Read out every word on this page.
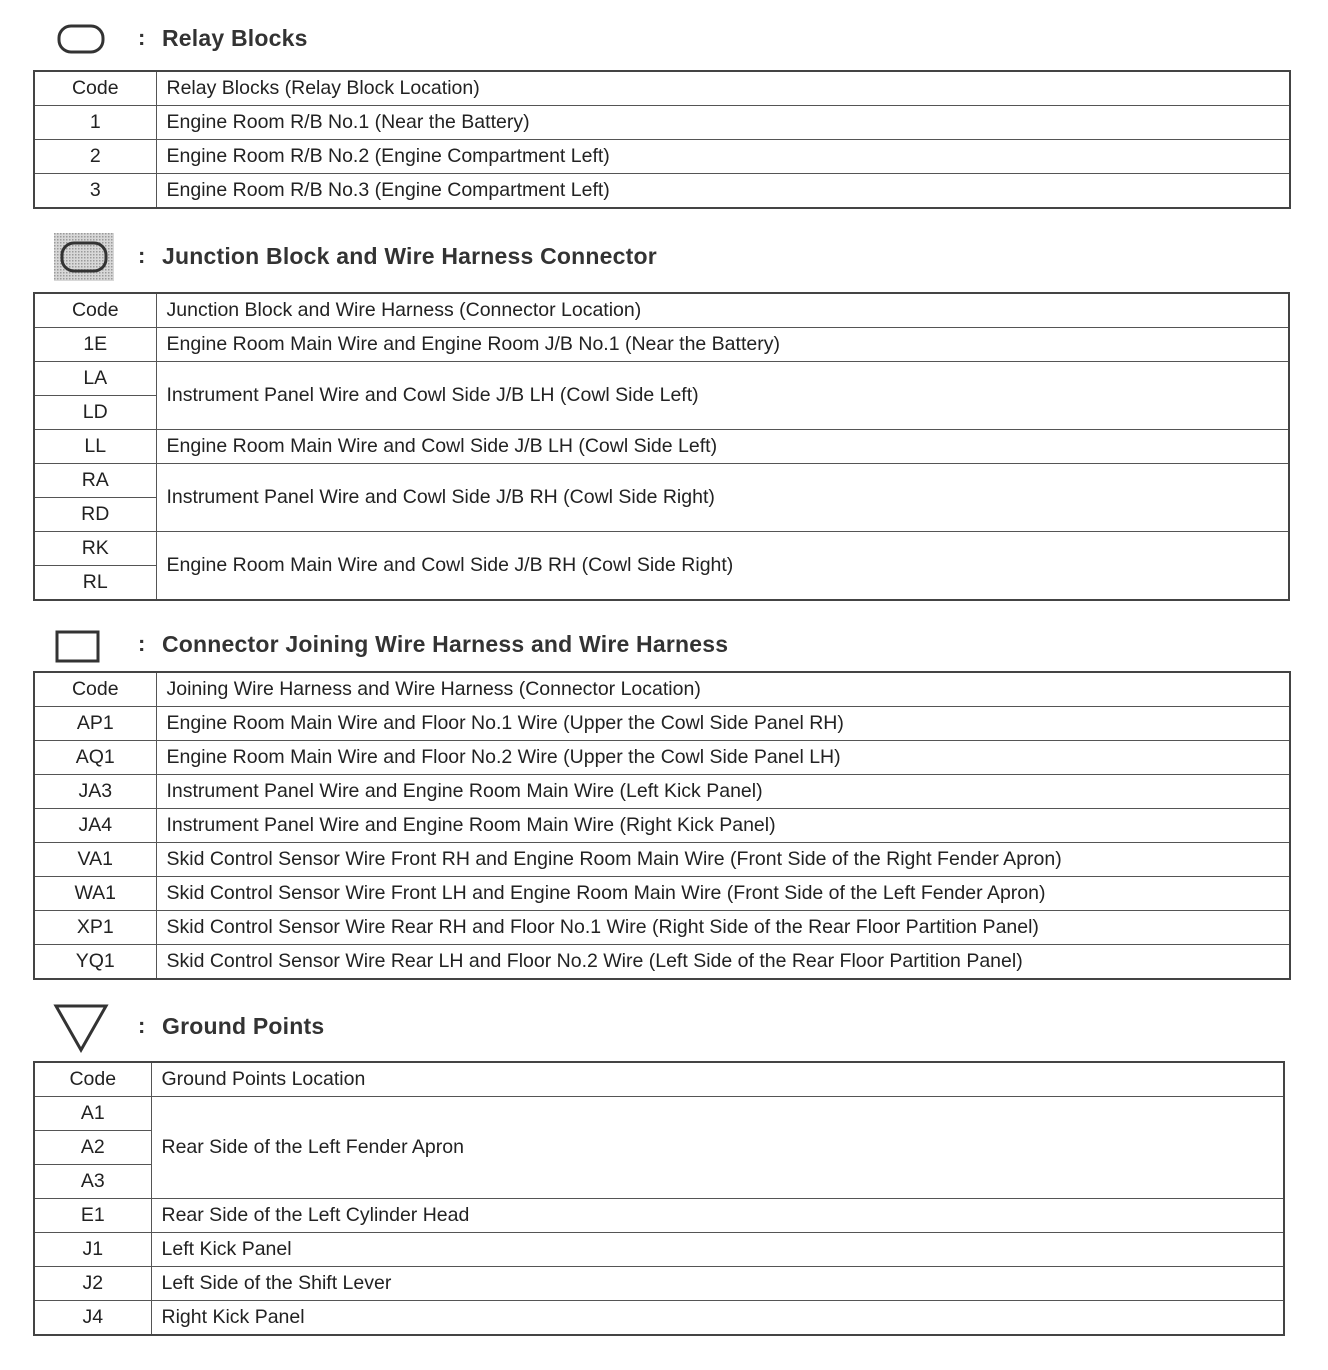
: Relay Blocks
Code	Relay Blocks (Relay Block Location)
1	Engine Room R/B No.1 (Near the Battery)
2	Engine Room R/B No.2 (Engine Compartment Left)
3	Engine Room R/B No.3 (Engine Compartment Left)
: Junction Block and Wire Harness Connector
Code	Junction Block and Wire Harness (Connector Location)
1E	Engine Room Main Wire and Engine Room J/B No.1 (Near the Battery)
LA	Instrument Panel Wire and Cowl Side J/B LH (Cowl Side Left)
LD	
LL	Engine Room Main Wire and Cowl Side J/B LH (Cowl Side Left)
RA	Instrument Panel Wire and Cowl Side J/B RH (Cowl Side Right)
RD	
RK	Engine Room Main Wire and Cowl Side J/B RH (Cowl Side Right)
RL	
: Connector Joining Wire Harness and Wire Harness
Code	Joining Wire Harness and Wire Harness (Connector Location)
AP1	Engine Room Main Wire and Floor No.1 Wire (Upper the Cowl Side Panel RH)
AQ1	Engine Room Main Wire and Floor No.2 Wire (Upper the Cowl Side Panel LH)
JA3	Instrument Panel Wire and Engine Room Main Wire (Left Kick Panel)
JA4	Instrument Panel Wire and Engine Room Main Wire (Right Kick Panel)
VA1	Skid Control Sensor Wire Front RH and Engine Room Main Wire (Front Side of the Right Fender Apron)
WA1	Skid Control Sensor Wire Front LH and Engine Room Main Wire (Front Side of the Left Fender Apron)
XP1	Skid Control Sensor Wire Rear RH and Floor No.1 Wire (Right Side of the Rear Floor Partition Panel)
YQ1	Skid Control Sensor Wire Rear LH and Floor No.2 Wire (Left Side of the Rear Floor Partition Panel)
: Ground Points
Code	Ground Points Location
A1	Rear Side of the Left Fender Apron
A2	
A3	
E1	Rear Side of the Left Cylinder Head
J1	Left Kick Panel
J2	Left Side of the Shift Lever
J4	Right Kick Panel
